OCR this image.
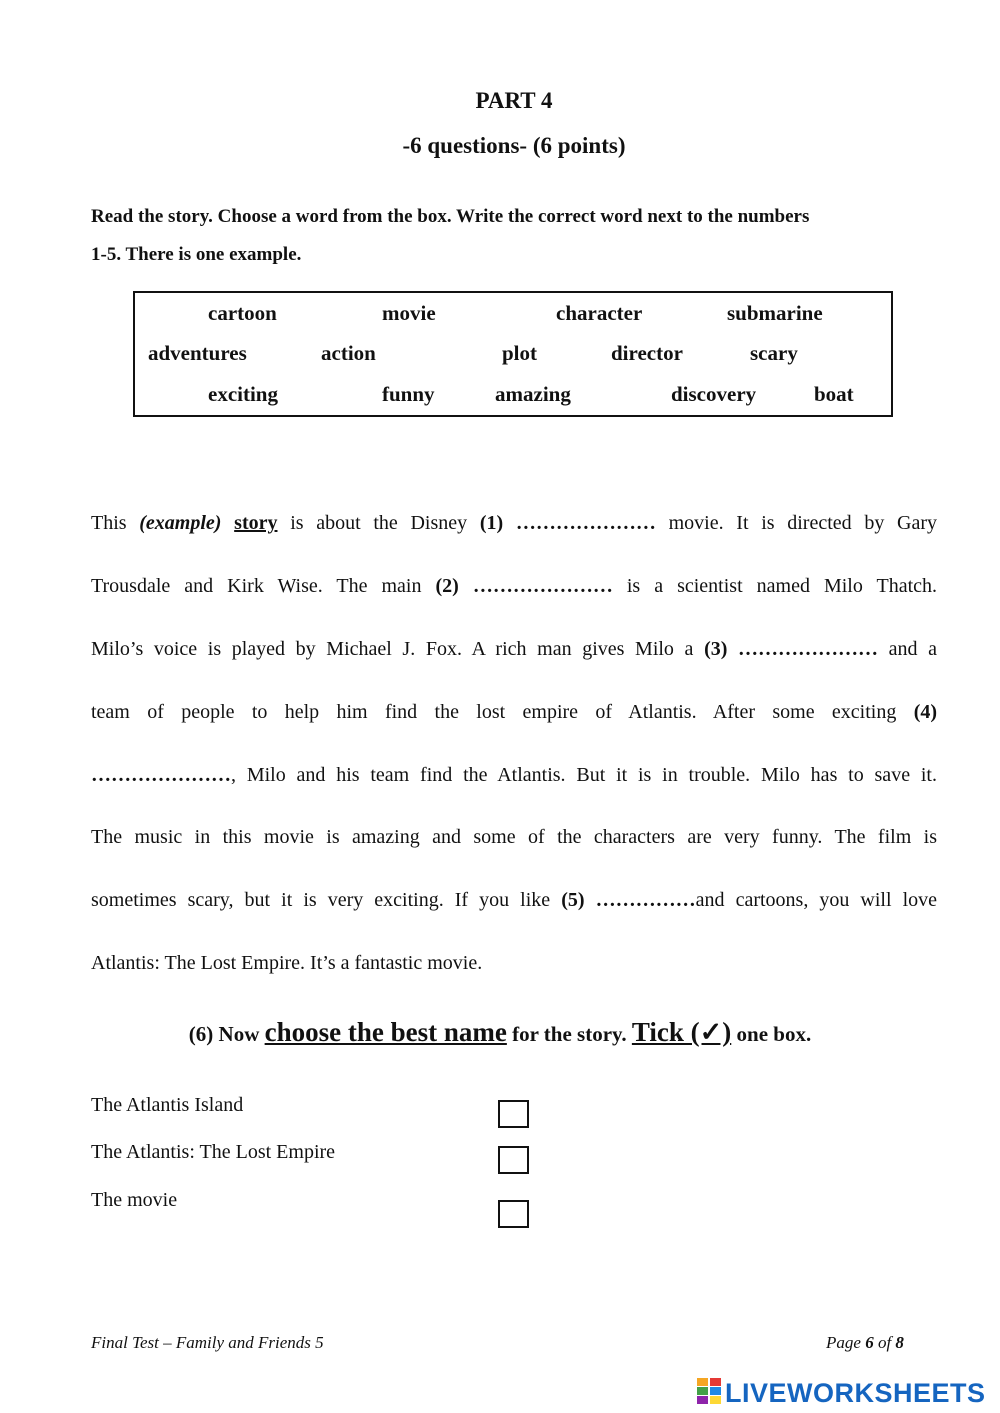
PART 4
-6 questions- (6 points)
Read the story. Choose a word from the box. Write the correct word next to the numbers
1-5. There is one example.
cartoon	movie	character	submarine
adventures	action	plot	director	scary
exciting	funny	amazing	discovery	boat
This (example) story is about the Disney (1) ………………… movie. It is directed by Gary
Trousdale and Kirk Wise. The main (2) ………………… is a scientist named Milo Thatch.
Milo’s voice is played by Michael J. Fox. A rich man gives Milo a (3) ………………… and a
team of people to help him find the lost empire of Atlantis. After some exciting (4)
…………………, Milo and his team find the Atlantis. But it is in trouble. Milo has to save it.
The music in this movie is amazing and some of the characters are very funny. The film is
sometimes scary, but it is very exciting. If you like (5) ……………and cartoons, you will love
Atlantis: The Lost Empire. It’s a fantastic movie.
(6) Now choose the best name for the story. Tick (✓) one box.
The Atlantis Island
The Atlantis: The Lost Empire
The movie
Final Test – Family and Friends 5	Page 6 of 8
LIVEWORKSHEETS
